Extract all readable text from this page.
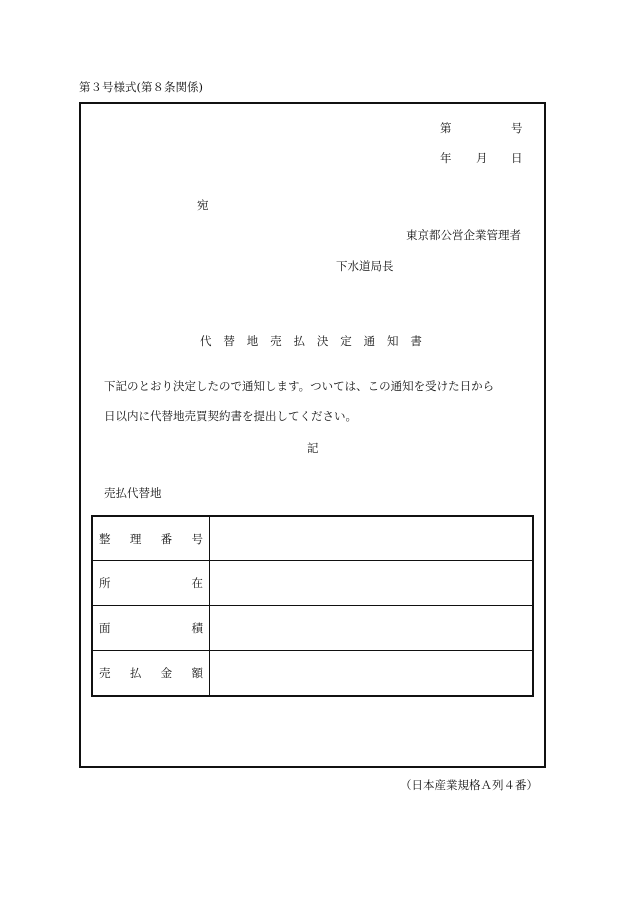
第３号様式(第８条関係)
第	号
年 月 日
宛
東京都公営企業管理者
下水道局長
代 替 地 売 払 決 定 通 知 書
下記のとおり決定したので通知します。ついては、この通知を受けた日から
日以内に代替地売買契約書を提出してください。
記
売払代替地
整 理 番 号
所	在
面	積
売 払 金 額
（日本産業規格Ａ列４番）
